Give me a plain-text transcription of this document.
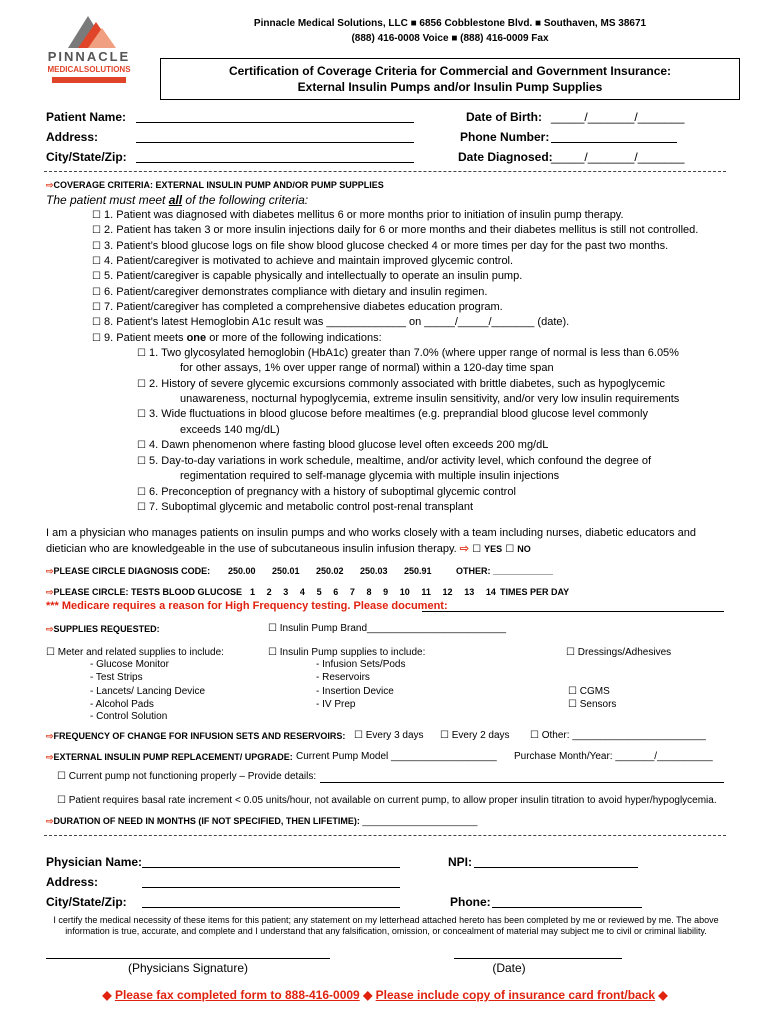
PINNACLE
MEDICALSOLUTIONS
Pinnacle Medical Solutions, LLC ■ 6856 Cobblestone Blvd. ■ Southaven, MS 38671
(888) 416-0008 Voice ■ (888) 416-0009 Fax
Certification of Coverage Criteria for Commercial and Government Insurance:
External Insulin Pumps and/or Insulin Pump Supplies
Patient Name:
Address:
City/State/Zip:
Date of Birth: _____/_______/_______
Phone Number:
Date Diagnosed:
_____/_______/_______
⇨COVERAGE CRITERIA: EXTERNAL INSULIN PUMP AND/OR PUMP SUPPLIES
The patient must meet all of the following criteria:
☐ 1. Patient was diagnosed with diabetes mellitus 6 or more months prior to initiation of insulin pump therapy.
☐ 2. Patient has taken 3 or more insulin injections daily for 6 or more months and their diabetes mellitus is still not controlled.
☐ 3. Patient’s blood glucose logs on file show blood glucose checked 4 or more times per day for the past two months.
☐ 4. Patient/caregiver is motivated to achieve and maintain improved glycemic control.
☐ 5. Patient/caregiver is capable physically and intellectually to operate an insulin pump.
☐ 6. Patient/caregiver demonstrates compliance with dietary and insulin regimen.
☐ 7. Patient/caregiver has completed a comprehensive diabetes education program.
☐ 8. Patient’s latest Hemoglobin A1c result was _____________ on _____/_____/_______ (date).
☐ 9. Patient meets one or more of the following indications:
☐ 1. Two glycosylated hemoglobin (HbA1c) greater than 7.0% (where upper range of normal is less than 6.05%
for other assays, 1% over upper range of normal) within a 120-day time span
☐ 2. History of severe glycemic excursions commonly associated with brittle diabetes, such as hypoglycemic
unawareness, nocturnal hypoglycemia, extreme insulin sensitivity, and/or very low insulin requirements
☐ 3. Wide fluctuations in blood glucose before mealtimes (e.g. preprandial blood glucose level commonly
exceeds 140 mg/dL)
☐ 4. Dawn phenomenon where fasting blood glucose level often exceeds 200 mg/dL
☐ 5. Day-to-day variations in work schedule, mealtime, and/or activity level, which confound the degree of
regimentation required to self-manage glycemia with multiple insulin injections
☐ 6. Preconception of pregnancy with a history of suboptimal glycemic control
☐ 7. Suboptimal glycemic and metabolic control post-renal transplant
I am a physician who manages patients on insulin pumps and who works closely with a team including nurses, diabetic educators and
dietician who are knowledgeable in the use of subcutaneous insulin infusion therapy. ⇨ ☐ YES ☐ NO
⇨PLEASE CIRCLE DIAGNOSIS CODE: 250.00 250.01 250.02 250.03 250.91	OTHER: ____________
⇨PLEASE CIRCLE: TESTS BLOOD GLUCOSE 1 2 3 4 5 6 7 8 9 10 11 12 13 14 TIMES PER DAY
*** Medicare requires a reason for High Frequency testing. Please document:
⇨SUPPLIES REQUESTED:	☐ Insulin Pump Brand_________________________
☐ Meter and related supplies to include:
- Glucose Monitor
- Test Strips
- Lancets/ Lancing Device
- Alcohol Pads
- Control Solution
☐ Insulin Pump supplies to include:
- Infusion Sets/Pods
- Reservoirs
- Insertion Device
- IV Prep
☐ Dressings/Adhesives
☐ CGMS
☐ Sensors
⇨FREQUENCY OF CHANGE FOR INFUSION SETS AND RESERVOIRS: ☐ Every 3 days ☐ Every 2 days ☐ Other: ________________________
⇨EXTERNAL INSULIN PUMP REPLACEMENT/ UPGRADE: Current Pump Model ___________________ Purchase Month/Year: _______/__________
☐ Current pump not functioning properly – Provide details:
☐ Patient requires basal rate increment < 0.05 units/hour, not available on current pump, to allow proper insulin titration to avoid hyper/hypoglycemia.
⇨DURATION OF NEED IN MONTHS (IF NOT SPECIFIED, THEN LIFETIME): _______________________
Physician Name:
Address:
City/State/Zip:
NPI:
Phone:
I certify the medical necessity of these items for this patient; any statement on my letterhead attached hereto has been completed by me or reviewed by me. The above
information is true, accurate, and complete and I understand that any falsification, omission, or concealment of material may subject me to civil or criminal liability.
(Physicians Signature)	(Date)
◆ Please fax completed form to 888-416-0009 ◆ Please include copy of insurance card front/back ◆
